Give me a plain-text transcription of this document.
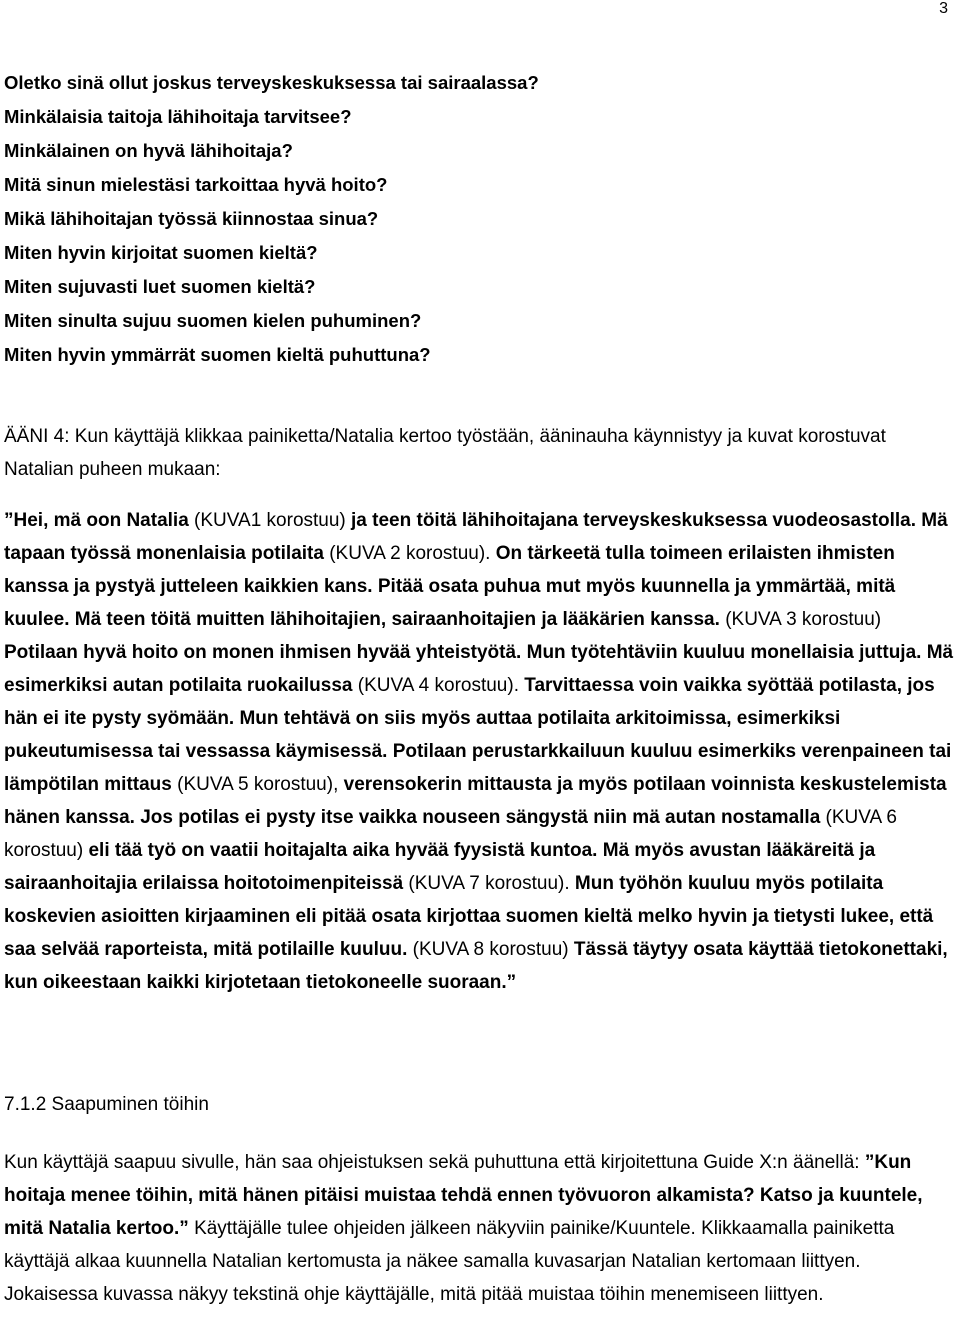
3
Oletko sinä ollut joskus terveyskeskuksessa tai sairaalassa?
Minkälaisia taitoja lähihoitaja tarvitsee?
Minkälainen on hyvä lähihoitaja?
Mitä sinun mielestäsi tarkoittaa hyvä hoito?
Mikä lähihoitajan työssä kiinnostaa sinua?
Miten hyvin kirjoitat suomen kieltä?
Miten sujuvasti luet suomen kieltä?
Miten sinulta sujuu suomen kielen puhuminen?
Miten hyvin ymmärrät suomen kieltä puhuttuna?

ÄÄNI 4: Kun käyttäjä klikkaa painiketta/Natalia kertoo työstään, ääninauha käynnistyy ja kuvat korostuvat Natalian puheen mukaan:

”Hei, mä oon Natalia (KUVA1 korostuu) ja teen töitä lähihoitajana terveyskeskuksessa vuodeosastolla. Mä tapaan työssä monenlaisia potilaita (KUVA 2 korostuu). On tärkeetä tulla toimeen erilaisten ihmisten kanssa ja pystyä jutteleen kaikkien kans. Pitää osata puhua mut myös kuunnella ja ymmärtää, mitä kuulee. Mä teen töitä muitten lähihoitajien, sairaanhoitajien ja lääkärien kanssa. (KUVA 3 korostuu) Potilaan hyvä hoito on monen ihmisen hyvää yhteistyötä. Mun työtehtäviin kuuluu monellaisia juttuja. Mä esimerkiksi autan potilaita ruokailussa (KUVA 4 korostuu). Tarvittaessa voin vaikka syöttää potilasta, jos hän ei ite pysty syömään. Mun tehtävä on siis myös auttaa potilaita arkitoimissa, esimerkiksi pukeutumisessa tai vessassa käymisessä. Potilaan perustarkkailuun kuuluu esimerkiks verenpaineen tai lämpötilan mittaus (KUVA 5 korostuu), verensokerin mittausta ja myös potilaan voinnista keskustelemista hänen kanssa. Jos potilas ei pysty itse vaikka nouseen sängystä niin mä autan nostamalla (KUVA 6 korostuu) eli tää työ on vaatii hoitajalta aika hyvää fyysistä kuntoa. Mä myös avustan lääkäreitä ja sairaanhoitajia erilaissa hoitotoimenpiteissä (KUVA 7 korostuu). Mun työhön kuuluu myös potilaita koskevien asioitten kirjaaminen eli pitää osata kirjottaa suomen kieltä melko hyvin ja tietysti lukee, että saa selvää raporteista, mitä potilaille kuuluu. (KUVA 8 korostuu) Tässä täytyy osata käyttää tietokonettaki, kun oikeestaan kaikki kirjotetaan tietokoneelle suoraan.”

7.1.2 Saapuminen töihin

Kun käyttäjä saapuu sivulle, hän saa ohjeistuksen sekä puhuttuna että kirjoitettuna Guide X:n äänellä: ”Kun hoitaja menee töihin, mitä hänen pitäisi muistaa tehdä ennen työvuoron alkamista? Katso ja kuuntele, mitä Natalia kertoo.” Käyttäjälle tulee ohjeiden jälkeen näkyviin painike/Kuuntele. Klikkaamalla painiketta käyttäjä alkaa kuunnella Natalian kertomusta ja näkee samalla kuvasarjan Natalian kertomaan liittyen. Jokaisessa kuvassa näkyy tekstinä ohje käyttäjälle, mitä pitää muistaa töihin menemiseen liittyen.
